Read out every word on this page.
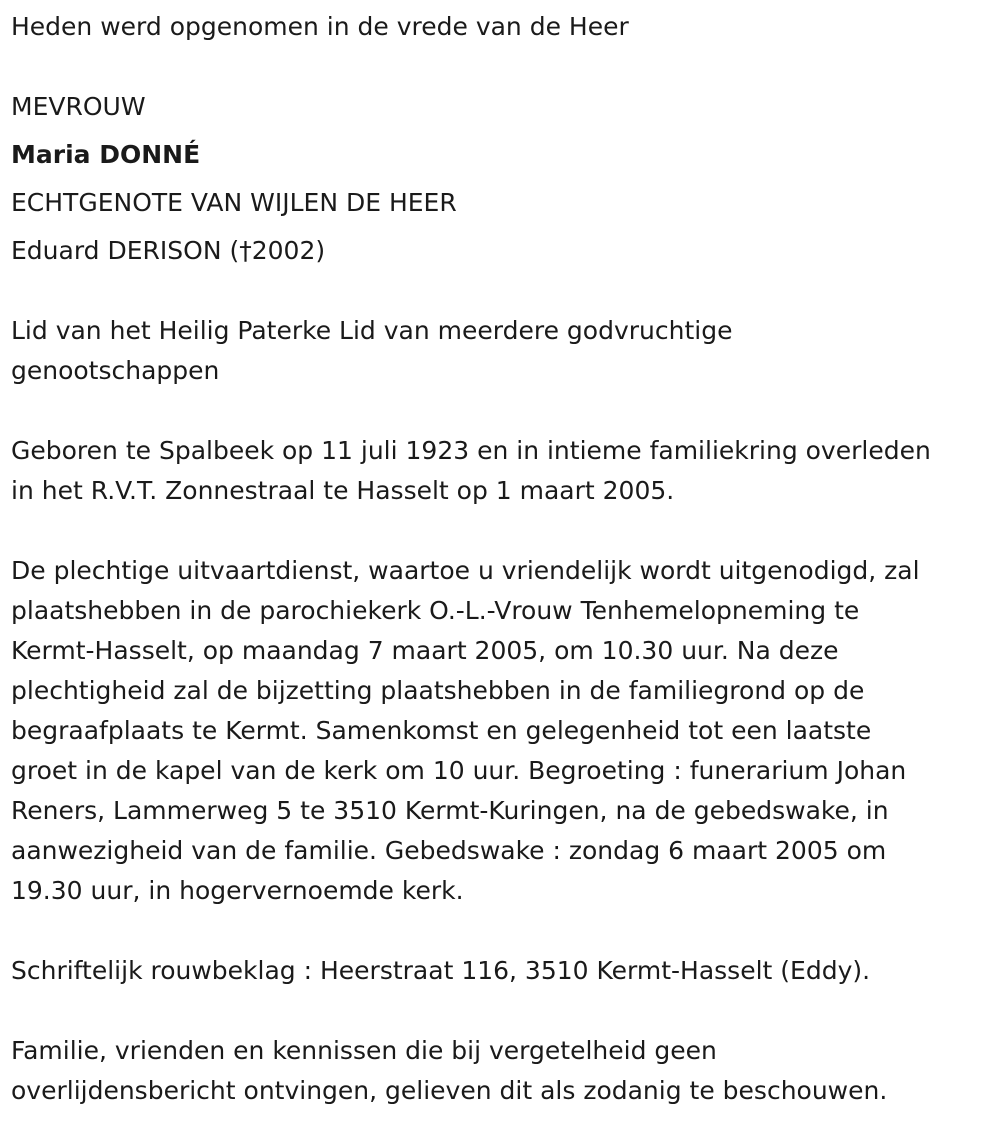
Heden werd opgenomen in de vrede van de Heer

MEVROUW

Maria DONNÉ

ECHTGENOTE VAN WIJLEN DE HEER

Eduard DERISON (†2002)

Lid van het Heilig Paterke Lid van meerdere godvruchtige

genootschappen

Geboren te Spalbeek op 11 juli 1923 en in intieme familiekring overleden

in het R.V.T. Zonnestraal te Hasselt op 1 maart 2005.

De plechtige uitvaartdienst, waartoe u vriendelijk wordt uitgenodigd, zal

plaatshebben in de parochiekerk O.-L.-Vrouw Tenhemelopneming te

Kermt-Hasselt, op maandag 7 maart 2005, om 10.30 uur. Na deze

plechtigheid zal de bijzetting plaatshebben in de familiegrond op de

begraafplaats te Kermt. Samenkomst en gelegenheid tot een laatste

groet in de kapel van de kerk om 10 uur. Begroeting : funerarium Johan

Reners, Lammerweg 5 te 3510 Kermt-Kuringen, na de gebedswake, in

aanwezigheid van de familie. Gebedswake : zondag 6 maart 2005 om

19.30 uur, in hogervernoemde kerk.

Schriftelijk rouwbeklag : Heerstraat 116, 3510 Kermt-Hasselt (Eddy).

Familie, vrienden en kennissen die bij vergetelheid geen

overlijdensbericht ontvingen, gelieven dit als zodanig te beschouwen.
